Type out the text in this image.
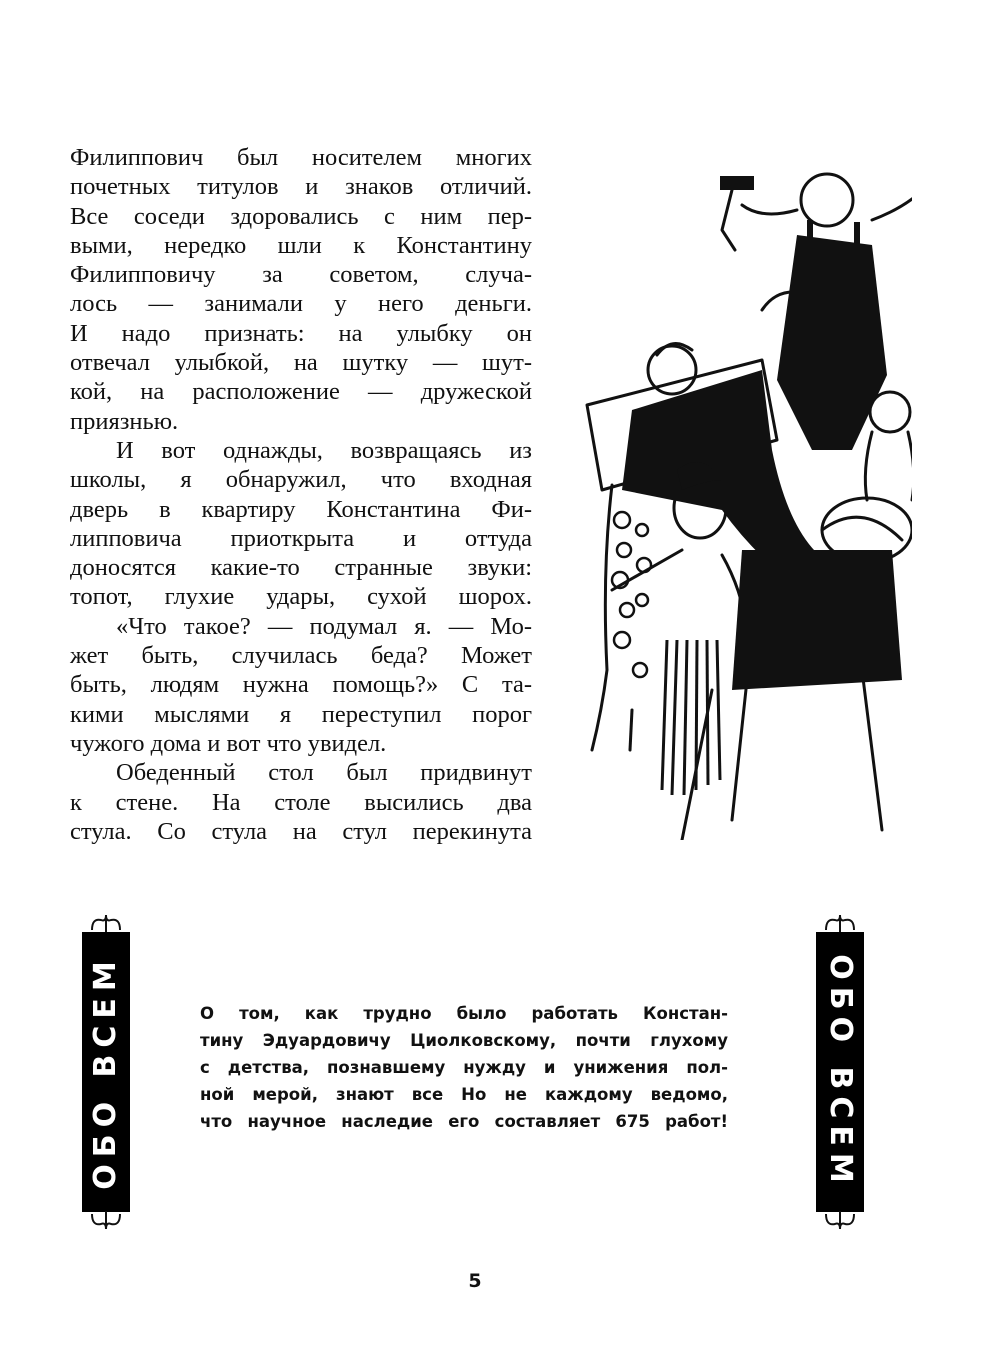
Филиппович был носителем многих
почетных титулов и знаков отличий.
Все соседи здоровались с ним пер-
выми, нередко шли к Константину
Филипповичу за советом, случа-
лось — занимали у него деньги.
И надо признать: на улыбку он
отвечал улыбкой, на шутку — шут-
кой, на расположение — дружеской
приязнью.
И вот однажды, возвращаясь из
школы, я обнаружил, что входная
дверь в квартиру Константина Фи-
липповича приоткрыта и оттуда
доносятся какие-то странные звуки:
топот, глухие удары, сухой шорох.
«Что такое? — подумал я. — Мо-
жет быть, случилась беда? Может
быть, людям нужна помощь?» С та-
кими мыслями я переступил порог
чужого дома и вот что увидел.
Обеденный стол был придвинут
к стене. На столе высились два
стула. Со стула на стул перекинута
ОБО ВСЕМ	О том, как трудно было работать Констан-
тину Эдуардовичу Циолковскому, почти глухому
с детства, познавшему нужду и унижения пол-
ной мерой, знают все Но не каждому ведомо,
что научное наследие его составляет 675 работ!	ОБО ВСЕМ
5
